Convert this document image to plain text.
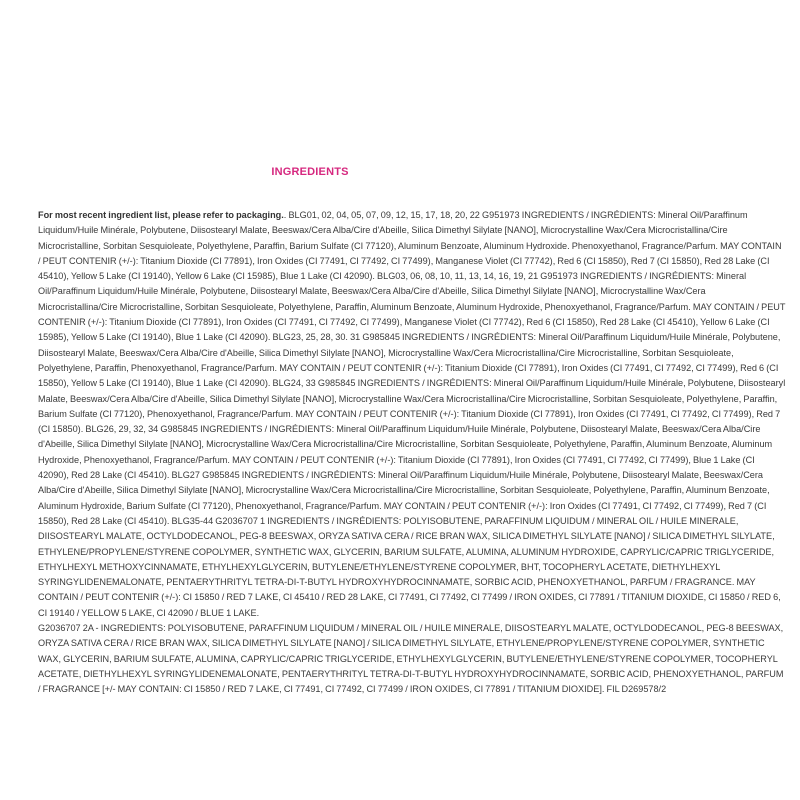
INGREDIENTS

For most recent ingredient list, please refer to packaging.. BLG01, 02, 04, 05, 07, 09, 12, 15, 17, 18, 20, 22 G951973 INGREDIENTS / INGRÉDIENTS: Mineral Oil/Paraffinum Liquidum/Huile Minérale, Polybutene, Diisostearyl Malate, Beeswax/Cera Alba/Cire d'Abeille, Silica Dimethyl Silylate [NANO], Microcrystalline Wax/Cera Microcristallina/Cire Microcristalline, Sorbitan Sesquioleate, Polyethylene, Paraffin, Barium Sulfate (CI 77120), Aluminum Benzoate, Aluminum Hydroxide. Phenoxyethanol, Fragrance/Parfum. MAY CONTAIN / PEUT CONTENIR (+/-): Titanium Dioxide (CI 77891), Iron Oxides (CI 77491, CI 77492, CI 77499), Manganese Violet (CI 77742), Red 6 (CI 15850), Red 7 (CI 15850), Red 28 Lake (CI 45410), Yellow 5 Lake (CI 19140), Yellow 6 Lake (CI 15985), Blue 1 Lake (CI 42090). BLG03, 06, 08, 10, 11, 13, 14, 16, 19, 21 G951973 INGREDIENTS / INGRÉDIENTS: Mineral Oil/Paraffinum Liquidum/Huile Minérale, Polybutene, Diisostearyl Malate, Beeswax/Cera Alba/Cire d'Abeille, Silica Dimethyl Silylate [NANO], Microcrystalline Wax/Cera Microcristallina/Cire Microcristalline, Sorbitan Sesquioleate, Polyethylene, Paraffin, Aluminum Benzoate, Aluminum Hydroxide, Phenoxyethanol, Fragrance/Parfum. MAY CONTAIN / PEUT CONTENIR (+/-): Titanium Dioxide (CI 77891), Iron Oxides (CI 77491, CI 77492, CI 77499), Manganese Violet (CI 77742), Red 6 (CI 15850), Red 28 Lake (CI 45410), Yellow 6 Lake (CI 15985), Yellow 5 Lake (CI 19140), Blue 1 Lake (CI 42090). BLG23, 25, 28, 30. 31 G985845 INGREDIENTS / INGRÉDIENTS: Mineral Oil/Paraffinum Liquidum/Huile Minérale, Polybutene, Diisostearyl Malate, Beeswax/Cera Alba/Cire d'Abeille, Silica Dimethyl Silylate [NANO], Microcrystalline Wax/Cera Microcristallina/Cire Microcristalline, Sorbitan Sesquioleate, Polyethylene, Paraffin, Phenoxyethanol, Fragrance/Parfum. MAY CONTAIN / PEUT CONTENIR (+/-): Titanium Dioxide (CI 77891), Iron Oxides (CI 77491, CI 77492, CI 77499), Red 6 (CI 15850), Yellow 5 Lake (CI 19140), Blue 1 Lake (CI 42090). BLG24, 33 G985845 INGREDIENTS / INGRÉDIENTS: Mineral Oil/Paraffinum Liquidum/Huile Minérale, Polybutene, Diisostearyl Malate, Beeswax/Cera Alba/Cire d'Abeille, Silica Dimethyl Silylate [NANO], Microcrystalline Wax/Cera Microcristallina/Cire Microcristalline, Sorbitan Sesquioleate, Polyethylene, Paraffin, Barium Sulfate (CI 77120), Phenoxyethanol, Fragrance/Parfum. MAY CONTAIN / PEUT CONTENIR (+/-): Titanium Dioxide (CI 77891), Iron Oxides (CI 77491, CI 77492, CI 77499), Red 7 (CI 15850). BLG26, 29, 32, 34 G985845 INGREDIENTS / INGRÉDIENTS: Mineral Oil/Paraffinum Liquidum/Huile Minérale, Polybutene, Diisostearyl Malate, Beeswax/Cera Alba/Cire d'Abeille, Silica Dimethyl Silylate [NANO], Microcrystalline Wax/Cera Microcristallina/Cire Microcristalline, Sorbitan Sesquioleate, Polyethylene, Paraffin, Aluminum Benzoate, Aluminum Hydroxide, Phenoxyethanol, Fragrance/Parfum. MAY CONTAIN / PEUT CONTENIR (+/-): Titanium Dioxide (CI 77891), Iron Oxides (CI 77491, CI 77492, CI 77499), Blue 1 Lake (CI 42090), Red 28 Lake (CI 45410). BLG27 G985845 INGREDIENTS / INGRÉDIENTS: Mineral Oil/Paraffinum Liquidum/Huile Minérale, Polybutene, Diisostearyl Malate, Beeswax/Cera Alba/Cire d'Abeille, Silica Dimethyl Silylate [NANO], Microcrystalline Wax/Cera Microcristallina/Cire Microcristalline, Sorbitan Sesquioleate, Polyethylene, Paraffin, Aluminum Benzoate, Aluminum Hydroxide, Barium Sulfate (CI 77120), Phenoxyethanol, Fragrance/Parfum. MAY CONTAIN / PEUT CONTENIR (+/-): Iron Oxides (CI 77491, CI 77492, CI 77499), Red 7 (CI 15850), Red 28 Lake (CI 45410). BLG35-44 G2036707 1 INGREDIENTS / INGRÉDIENTS: POLYISOBUTENE, PARAFFINUM LIQUIDUM / MINERAL OIL / HUILE MINERALE, DIISOSTEARYL MALATE, OCTYLDODECANOL, PEG-8 BEESWAX, ORYZA SATIVA CERA / RICE BRAN WAX, SILICA DIMETHYL SILYLATE [NANO] / SILICA DIMETHYL SILYLATE, ETHYLENE/PROPYLENE/STYRENE COPOLYMER, SYNTHETIC WAX, GLYCERIN, BARIUM SULFATE, ALUMINA, ALUMINUM HYDROXIDE, CAPRYLIC/CAPRIC TRIGLYCERIDE, ETHYLHEXYL METHOXYCINNAMATE, ETHYLHEXYLGLYCERIN, BUTYLENE/ETHYLENE/STYRENE COPOLYMER, BHT, TOCOPHERYL ACETATE, DIETHYLHEXYL SYRINGYLIDENEMALONATE, PENTAERYTHRITYL TETRA-DI-T-BUTYL HYDROXYHYDROCINNAMATE, SORBIC ACID, PHENOXYETHANOL, PARFUM / FRAGRANCE. MAY CONTAIN / PEUT CONTENIR (+/-): CI 15850 / RED 7 LAKE, CI 45410 / RED 28 LAKE, CI 77491, CI 77492, CI 77499 / IRON OXIDES, CI 77891 / TITANIUM DIOXIDE, CI 15850 / RED 6, CI 19140 / YELLOW 5 LAKE, CI 42090 / BLUE 1 LAKE.

G2036707 2A - INGREDIENTS: POLYISOBUTENE, PARAFFINUM LIQUIDUM / MINERAL OIL / HUILE MINERALE, DIISOSTEARYL MALATE, OCTYLDODECANOL, PEG-8 BEESWAX, ORYZA SATIVA CERA / RICE BRAN WAX, SILICA DIMETHYL SILYLATE [NANO] / SILICA DIMETHYL SILYLATE, ETHYLENE/PROPYLENE/STYRENE COPOLYMER, SYNTHETIC WAX, GLYCERIN, BARIUM SULFATE, ALUMINA, CAPRYLIC/CAPRIC TRIGLYCERIDE, ETHYLHEXYLGLYCERIN, BUTYLENE/ETHYLENE/STYRENE COPOLYMER, TOCOPHERYL ACETATE, DIETHYLHEXYL SYRINGYLIDENEMALONATE, PENTAERYTHRITYL TETRA-DI-T-BUTYL HYDROXYHYDROCINNAMATE, SORBIC ACID, PHENOXYETHANOL, PARFUM / FRAGRANCE [+/- MAY CONTAIN: CI 15850 / RED 7 LAKE, CI 77491, CI 77492, CI 77499 / IRON OXIDES, CI 77891 / TITANIUM DIOXIDE]. FIL D269578/2
